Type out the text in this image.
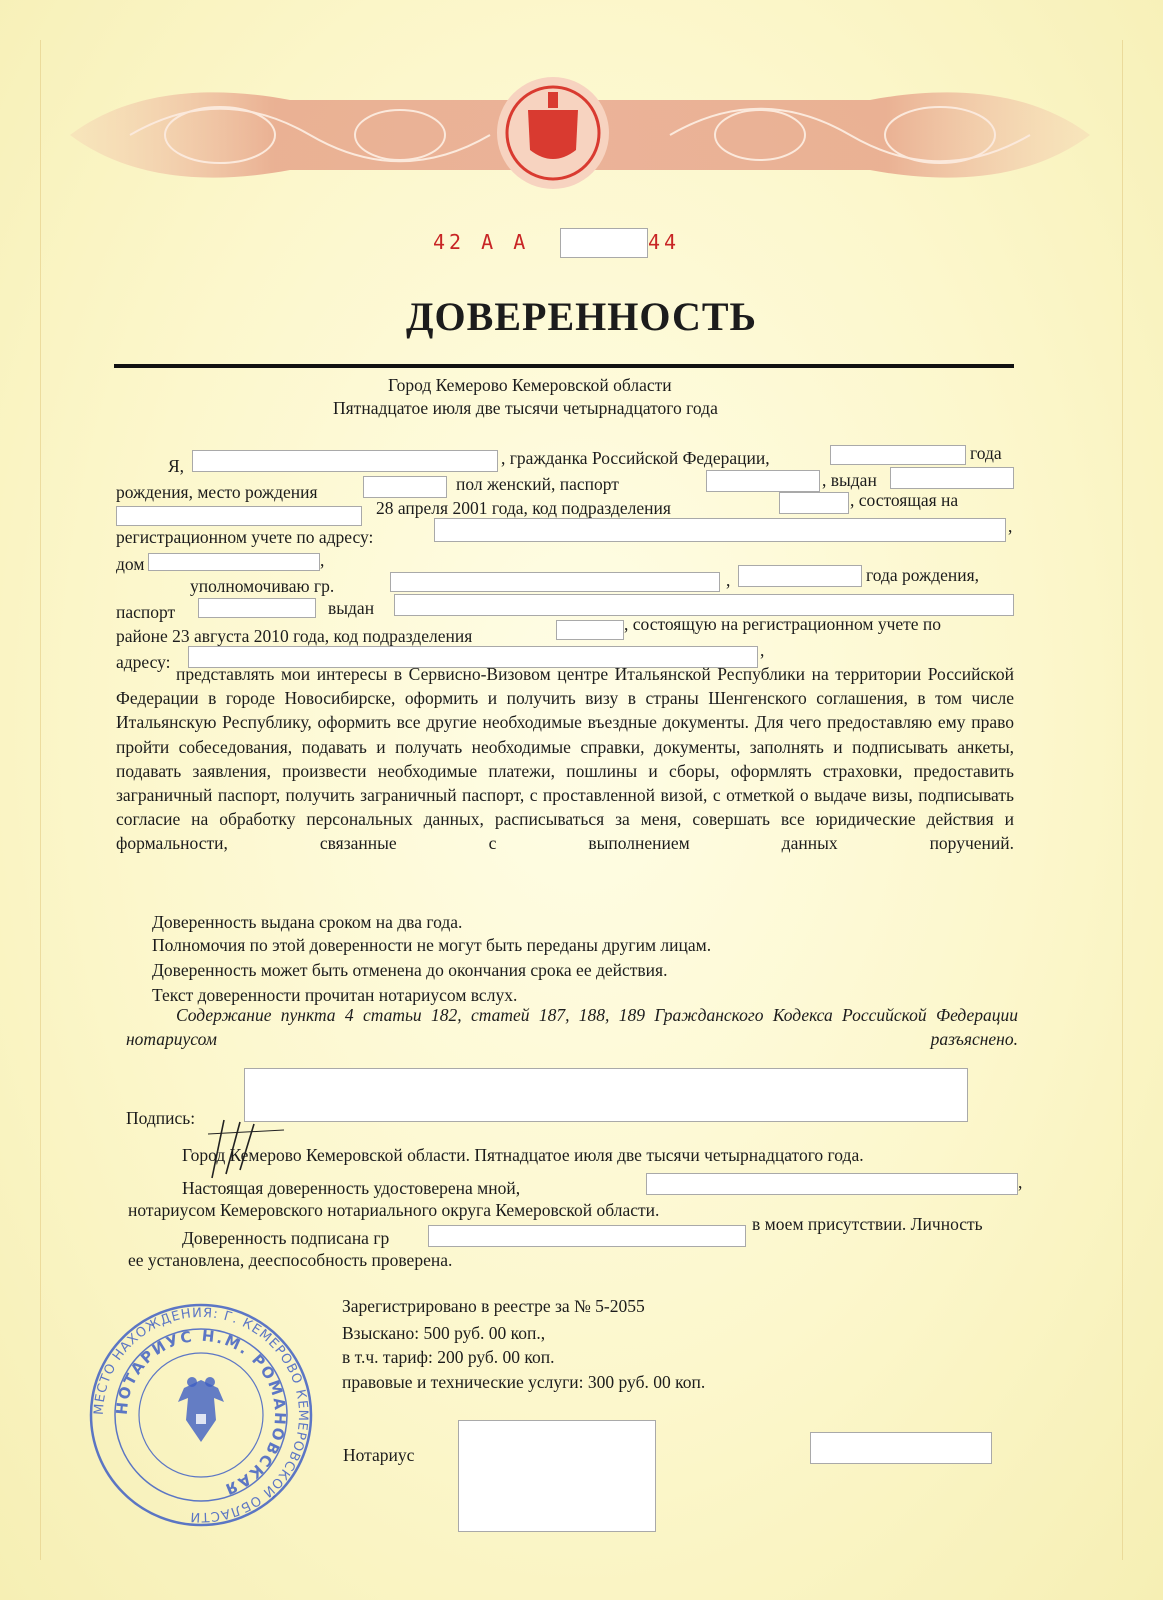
42 А А	44
ДОВЕРЕННОСТЬ
Город Кемерово Кемеровской области
Пятнадцатое июля две тысячи четырнадцатого года
Я,	, гражданка Российской Федерации,	года
рождения, место рождения	пол женский, паспорт	, выдан
28 апреля 2001 года, код подразделения	, состоящая на
регистрационном учете по адресу:
,
дом	,
уполномочиваю гр.	,	года рождения,
паспорт	выдан
районе 23 августа 2010 года, код подразделения
, состоящую на регистрационном учете по
адресу:
,
представлять мои интересы в Сервисно-Визовом центре Итальянской Республики на территории Российской Федерации в городе Новосибирске, оформить и получить визу в страны Шенгенского соглашения, в том числе Итальянскую Республику, оформить все другие необходимые въездные документы. Для чего предоставляю ему право пройти собеседования, подавать и получать необходимые справки, документы, заполнять и подписывать анкеты, подавать заявления, произвести необходимые платежи, пошлины и сборы, оформлять страховки, предоставить заграничный паспорт, получить заграничный паспорт, с проставленной визой, с отметкой о выдаче визы, подписывать согласие на обработку персональных данных, расписываться за меня, совершать все юридические действия и формальности, связанные с выполнением данных поручений.
Доверенность выдана сроком на два года.
Полномочия по этой доверенности не могут быть переданы другим лицам.
Доверенность может быть отменена до окончания срока ее действия.
Текст доверенности прочитан нотариусом вслух.
Содержание пункта 4 статьи 182, статей 187, 188, 189 Гражданского Кодекса Российской Федерации нотариусом разъяснено.
Подпись:
Город Кемерово Кемеровской области. Пятнадцатое июля две тысячи четырнадцатого года.
Настоящая доверенность удостоверена мной,	,
нотариусом Кемеровского нотариального округа Кемеровской области.
Доверенность подписана гр
в моем присутствии. Личность
ее установлена, дееспособность проверена.
Зарегистрировано в реестре за № 5-2055
Взыскано: 500 руб. 00 коп.,
в т.ч. тариф: 200 руб. 00 коп.
правовые и технические услуги: 300 руб. 00 коп.
Нотариус
МЕСТО НАХОЖДЕНИЯ: Г. КЕМЕРОВО КЕМЕРОВСКОЙ ОБЛАСТИ
НОТАРИУС Н.М. РОМАНОВСКАЯ
